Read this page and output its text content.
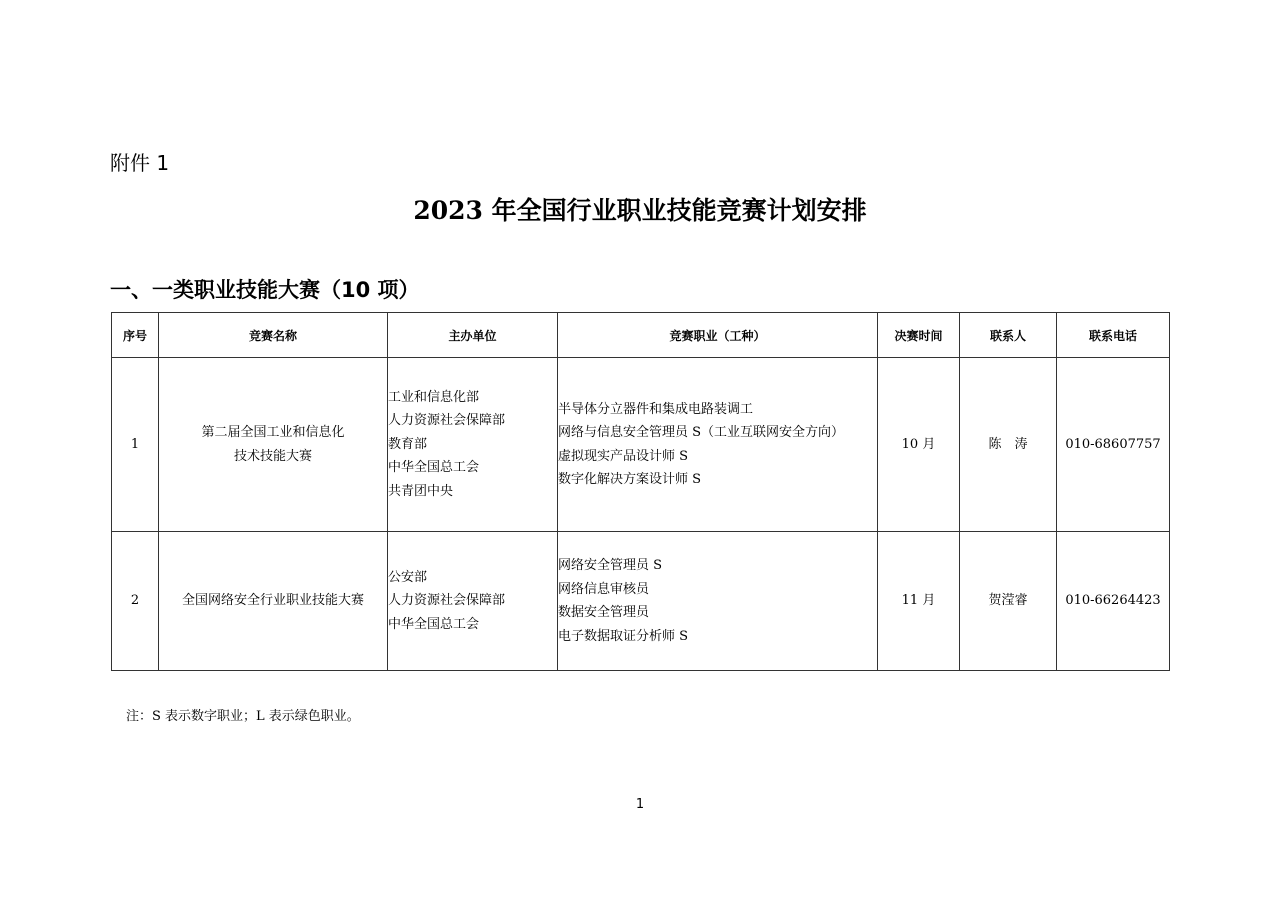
附件 1
2023 年全国行业职业技能竞赛计划安排
一、一类职业技能大赛（10 项）
序号	竞赛名称	主办单位	竞赛职业（工种）	决赛时间	联系人	联系电话
1	第二届全国工业和信息化
技术技能大赛	工业和信息化部
人力资源社会保障部
教育部
中华全国总工会
共青团中央	半导体分立器件和集成电路装调工
网络与信息安全管理员 S（工业互联网安全方向）
虚拟现实产品设计师 S
数字化解决方案设计师 S	10 月	陈　涛	010-68607757
2	全国网络安全行业职业技能大赛	公安部
人力资源社会保障部
中华全国总工会	网络安全管理员 S
网络信息审核员
数据安全管理员
电子数据取证分析师 S	11 月	贺滢睿	010-66264423
注：S 表示数字职业；L 表示绿色职业。
1
